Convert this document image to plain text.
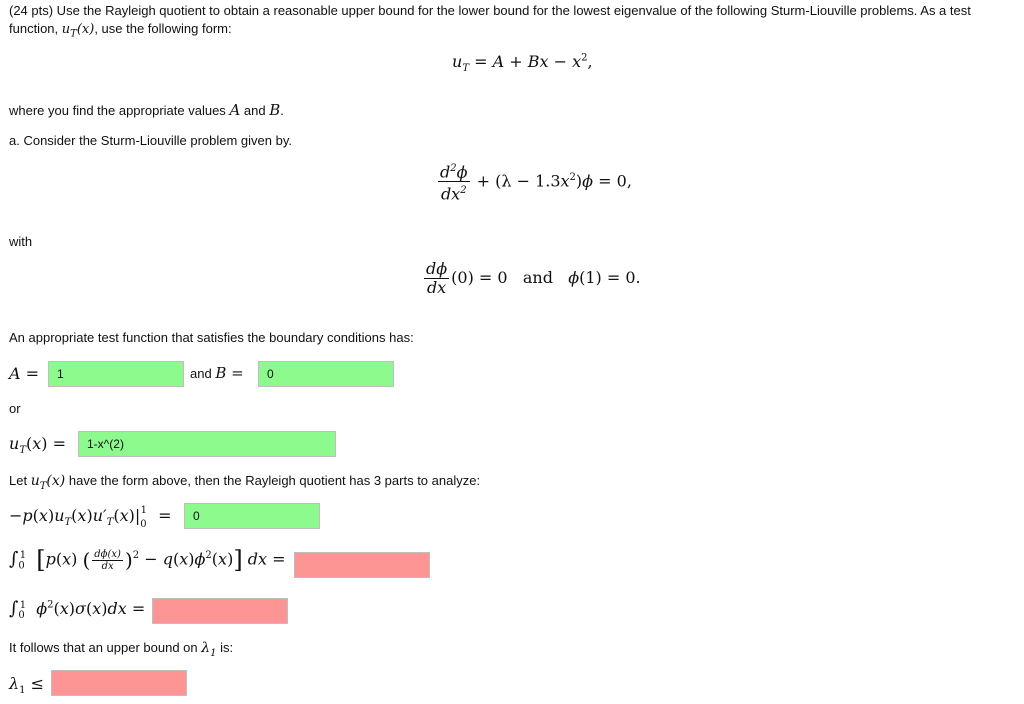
(24 pts) Use the Rayleigh quotient to obtain a reasonable upper bound for the lower bound for the lowest eigenvalue of the following Sturm-Liouville problems. As a test
function, $u_T(x)$, use the following form:
$u_T = A + Bx - x^2$,
where you find the appropriate values A and B.
a. Consider the Sturm-Liouville problem given by.
$\frac{d^2\phi}{dx^2} + (\lambda - 1.3x^2)\phi = 0$,
with
$\frac{d\phi}{dx} (0) = 0$   and ϕ(1) = 0.
An appropriate test function that satisfies the boundary conditions has:
A =	1	and B =	0
or
$u_T(x)$ =	1-x^(2)
Let $u_T(x)$ have the form above, then the Rayleigh quotient has 3 parts to analyze:
$-p(x)u_T(x)u'_T(x)|_0^1$ =	0
$\int_0^1$ [p(x) ( $\frac{d\phi(x)}{dx} )^2 - q(x)\phi^2(x)$] dx =
$\int_0^1$ $\phi^2(x)\sigma(x)dx$ =
It follows that an upper bound on $\lambda_1$ is:
$\lambda_1$ ≤
